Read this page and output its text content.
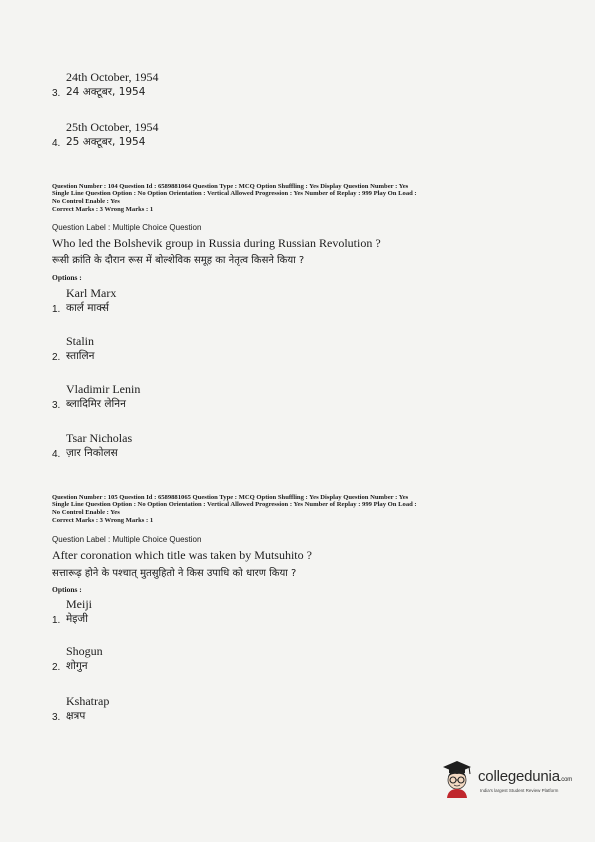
24th October, 1954
3. 24 अक्टूबर, 1954
25th October, 1954
4. 25 अक्टूबर, 1954
Question Number : 104 Question Id : 6589881064 Question Type : MCQ Option Shuffling : Yes Display Question Number : Yes
Single Line Question Option : No Option Orientation : Vertical Allowed Progression : Yes Number of Replay : 999 Play On Load :
No Control Enable : Yes
Correct Marks : 3 Wrong Marks : 1
Question Label : Multiple Choice Question
Who led the Bolshevik group in Russia during Russian Revolution ?
रूसी क्रांति के दौरान रूस में बोल्शेविक समूह का नेतृत्व किसने किया ?
Options :
Karl Marx
1. कार्ल मार्क्स
Stalin
2. स्तालिन
Vladimir Lenin
3. ब्लादिमिर लेनिन
Tsar Nicholas
4. ज़ार निकोलस
Question Number : 105 Question Id : 6589881065 Question Type : MCQ Option Shuffling : Yes Display Question Number : Yes
Single Line Question Option : No Option Orientation : Vertical Allowed Progression : Yes Number of Replay : 999 Play On Load :
No Control Enable : Yes
Correct Marks : 3 Wrong Marks : 1
Question Label : Multiple Choice Question
After coronation which title was taken by Mutsuhito ?
सत्तारूढ़ होने के पश्चात् मुतसुहितो ने किस उपाधि को धारण किया ?
Options :
Meiji
1. मेइजी
Shogun
2. शोगुन
Kshatrap
3. क्षत्रप
collegedunia.com
India's largest Student Review Platform
